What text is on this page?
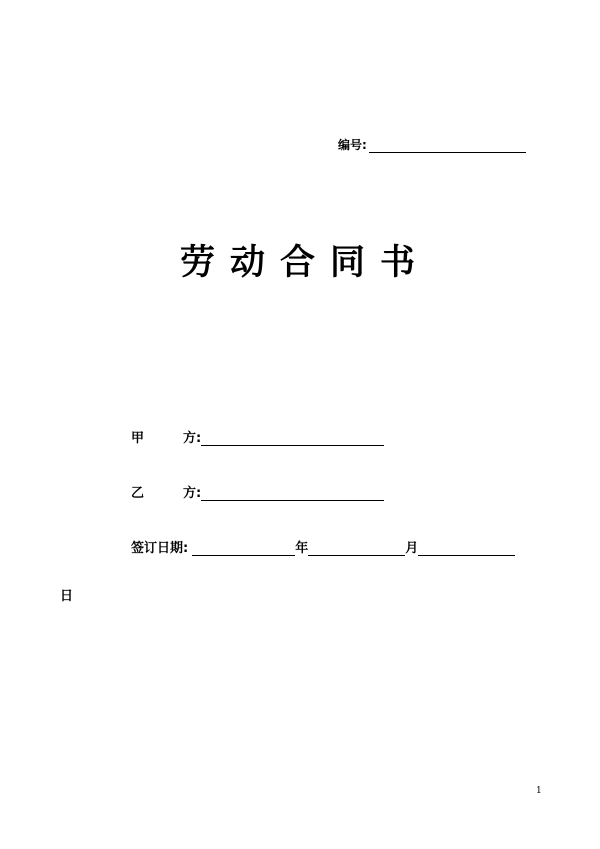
编号:
劳动合同书
甲	方:
乙	方:
签订日期:	年	月
日
1
